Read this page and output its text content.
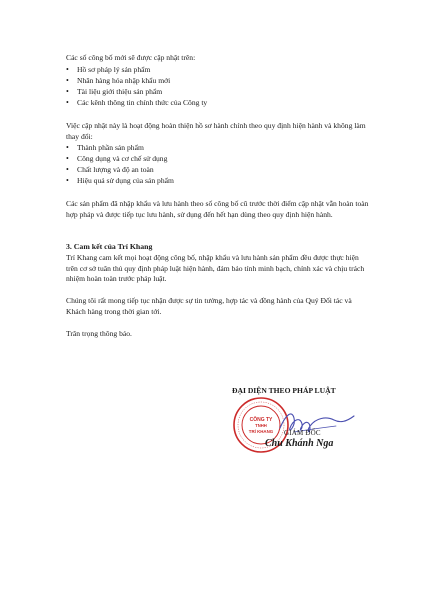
Các số công bố mới sẽ được cập nhật trên:

• Hồ sơ pháp lý sản phẩm
• Nhãn hàng hóa nhập khẩu mới
• Tài liệu giới thiệu sản phẩm
• Các kênh thông tin chính thức của Công ty

Việc cập nhật này là hoạt động hoàn thiện hồ sơ hành chính theo quy định hiện hành và không làm thay đổi:

• Thành phần sản phẩm
• Công dụng và cơ chế sử dụng
• Chất lượng và độ an toàn
• Hiệu quả sử dụng của sản phẩm

Các sản phẩm đã nhập khẩu và lưu hành theo số công bố cũ trước thời điểm cập nhật vẫn hoàn toàn hợp pháp và được tiếp tục lưu hành, sử dụng đến hết hạn dùng theo quy định hiện hành.

3. Cam kết của Trí Khang

Trí Khang cam kết mọi hoạt động công bố, nhập khẩu và lưu hành sản phẩm đều được thực hiện trên cơ sở tuân thủ quy định pháp luật hiện hành, đảm bảo tính minh bạch, chính xác và chịu trách nhiệm hoàn toàn trước pháp luật.

Chúng tôi rất mong tiếp tục nhận được sự tin tưởng, hợp tác và đồng hành của Quý Đối tác và Khách hàng trong thời gian tới.

Trân trọng thông báo.

ĐẠI DIỆN THEO PHÁP LUẬT
CÔNG TY
TNHH
TRÍ KHANG GIÁM ĐỐC
Chu Khánh Nga
